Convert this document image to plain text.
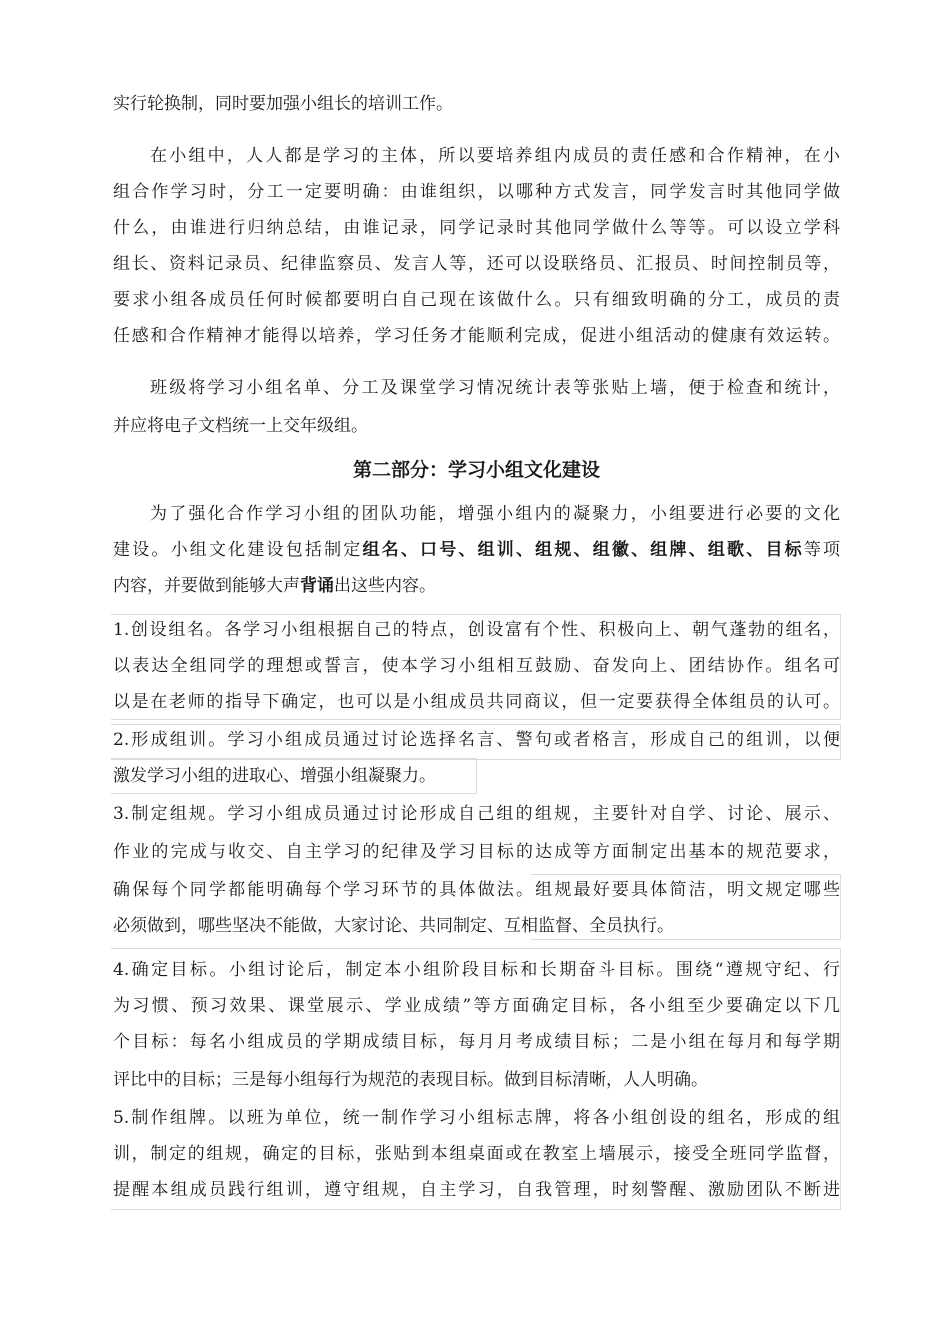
实行轮换制，同时要加强小组长的培训工作。
在小组中，人人都是学习的主体，所以要培养组内成员的责任感和合作精神，在小
组合作学习时，分工一定要明确：由谁组织，以哪种方式发言，同学发言时其他同学做
什么，由谁进行归纳总结，由谁记录，同学记录时其他同学做什么等等。可以设立学科
组长、资料记录员、纪律监察员、发言人等，还可以设联络员、汇报员、时间控制员等，
要求小组各成员任何时候都要明白自己现在该做什么。只有细致明确的分工，成员的责
任感和合作精神才能得以培养，学习任务才能顺利完成，促进小组活动的健康有效运转。
班级将学习小组名单、分工及课堂学习情况统计表等张贴上墙，便于检查和统计，
并应将电子文档统一上交年级组。
第二部分：学习小组文化建设
为了强化合作学习小组的团队功能，增强小组内的凝聚力，小组要进行必要的文化
建设。小组文化建设包括制定组名、口号、组训、组规、组徽、组牌、组歌、目标等项
内容，并要做到能够大声背诵出这些内容。
1.创设组名。各学习小组根据自己的特点，创设富有个性、积极向上、朝气蓬勃的组名，
以表达全组同学的理想或誓言，使本学习小组相互鼓励、奋发向上、团结协作。组名可
以是在老师的指导下确定，也可以是小组成员共同商议，但一定要获得全体组员的认可。
2.形成组训。学习小组成员通过讨论选择名言、警句或者格言，形成自己的组训，以便
激发学习小组的进取心、增强小组凝聚力。
3.制定组规。学习小组成员通过讨论形成自己组的组规，主要针对自学、讨论、展示、
作业的完成与收交、自主学习的纪律及学习目标的达成等方面制定出基本的规范要求，
确保每个同学都能明确每个学习环节的具体做法。组规最好要具体简洁，明文规定哪些
必须做到，哪些坚决不能做，大家讨论、共同制定、互相监督、全员执行。
4.确定目标。小组讨论后，制定本小组阶段目标和长期奋斗目标。围绕“遵规守纪、行
为习惯、预习效果、课堂展示、学业成绩”等方面确定目标，各小组至少要确定以下几
个目标：每名小组成员的学期成绩目标，每月月考成绩目标；二是小组在每月和每学期
评比中的目标；三是每小组每行为规范的表现目标。做到目标清晰，人人明确。
5.制作组牌。以班为单位，统一制作学习小组标志牌，将各小组创设的组名，形成的组
训，制定的组规，确定的目标，张贴到本组桌面或在教室上墙展示，接受全班同学监督，
提醒本组成员践行组训，遵守组规，自主学习，自我管理，时刻警醒、激励团队不断进
